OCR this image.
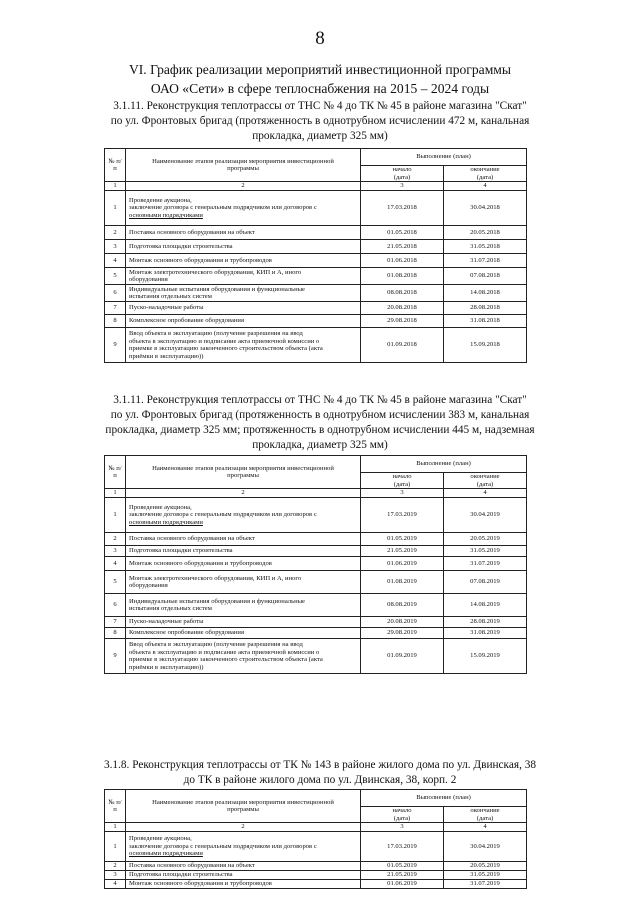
8
VI. График реализации мероприятий инвестиционной программы
ОАО «Сети» в сфере теплоснабжения на 2015 – 2024 годы
3.1.11. Реконструкция теплотрассы от ТНС № 4 до ТК № 45 в районе магазина "Скат"
по ул. Фронтовых бригад (протяженность в однотрубном исчислении 472 м, канальная
прокладка, диаметр 325 мм)
№ п/п	Наименование этапов реализации мероприятия инвестиционной
программы	Выполнение (план)	

		начало
(дата)	окончание
(дата)

1	2	3	4
1	Проведение аукциона,
заключение договора с генеральным подрядчиком или договоров с
основными подрядчиками	17.03.2018	30.04.2018
2	Поставка основного оборудования на объект	01.05.2018	20.05.2018
3	Подготовка площадки строительства	21.05.2018	31.05.2018
4	Монтаж основного оборудования и трубопроводов	01.06.2018	31.07.2018
5	Монтаж электротехнического оборудования, КИП и А, иного
оборудования	01.08.2018	07.08.2018
6	Индивидуальные испытания оборудования и функциональные
испытания отдельных систем	08.08.2018	14.08.2018
7	Пуско-наладочные работы	20.08.2018	28.08.2018
8	Комплексное опробование оборудования	29.08.2018	31.08.2018
9	Ввод объекта в эксплуатацию (получение разрешения на ввод
объекта в эксплуатацию и подписание акта приемочной комиссии о
приемке в эксплуатацию законченного строительством объекта (акта
приёмки в эксплуатацию))	01.09.2018	15.09.2018
3.1.11. Реконструкция теплотрассы от ТНС № 4 до ТК № 45 в районе магазина "Скат"
по ул. Фронтовых бригад (протяженность в однотрубном исчислении 383 м, канальная
прокладка, диаметр 325 мм; протяженность в однотрубном исчислении 445 м, надземная
прокладка, диаметр 325 мм)
№ п/п	Наименование этапов реализации мероприятия инвестиционной
программы	Выполнение (план)	

		начало
(дата)	окончание
(дата)

1	2	3	4
1	Проведение аукциона,
заключение договора с генеральным подрядчиком или договоров с
основными подрядчиками	17.03.2019	30.04.2019
2	Поставка основного оборудования на объект	01.05.2019	20.05.2019
3	Подготовка площадки строительства	21.05.2019	31.05.2019
4	Монтаж основного оборудования и трубопроводов	01.06.2019	31.07.2019
5	Монтаж электротехнического оборудования, КИП и А, иного
оборудования	01.08.2019	07.08.2019
6	Индивидуальные испытания оборудования и функциональные
испытания отдельных систем	08.08.2019	14.08.2019
7	Пуско-наладочные работы	20.08.2019	28.08.2019
8	Комплексное опробование оборудования	29.08.2019	31.08.2019
9	Ввод объекта в эксплуатацию (получение разрешения на ввод
объекта в эксплуатацию и подписание акта приемочной комиссии о
приемке в эксплуатацию законченного строительством объекта (акта
приёмки в эксплуатацию))	01.09.2019	15.09.2019
3.1.8. Реконструкция теплотрассы от ТК № 143 в районе жилого дома по ул. Двинская, 38
до ТК в районе жилого дома по ул. Двинская, 38, корп. 2
№ п/п	Наименование этапов реализации мероприятия инвестиционной
программы	Выполнение (план)	

		начало
(дата)	окончание
(дата)

1	2	3	4
1	Проведение аукциона,
заключение договора с генеральным подрядчиком или договоров с
основными подрядчиками	17.03.2019	30.04.2019
2	Поставка основного оборудования на объект	01.05.2019	20.05.2019
3	Подготовка площадки строительства	21.05.2019	31.05.2019
4	Монтаж основного оборудования и трубопроводов	01.06.2019	31.07.2019
